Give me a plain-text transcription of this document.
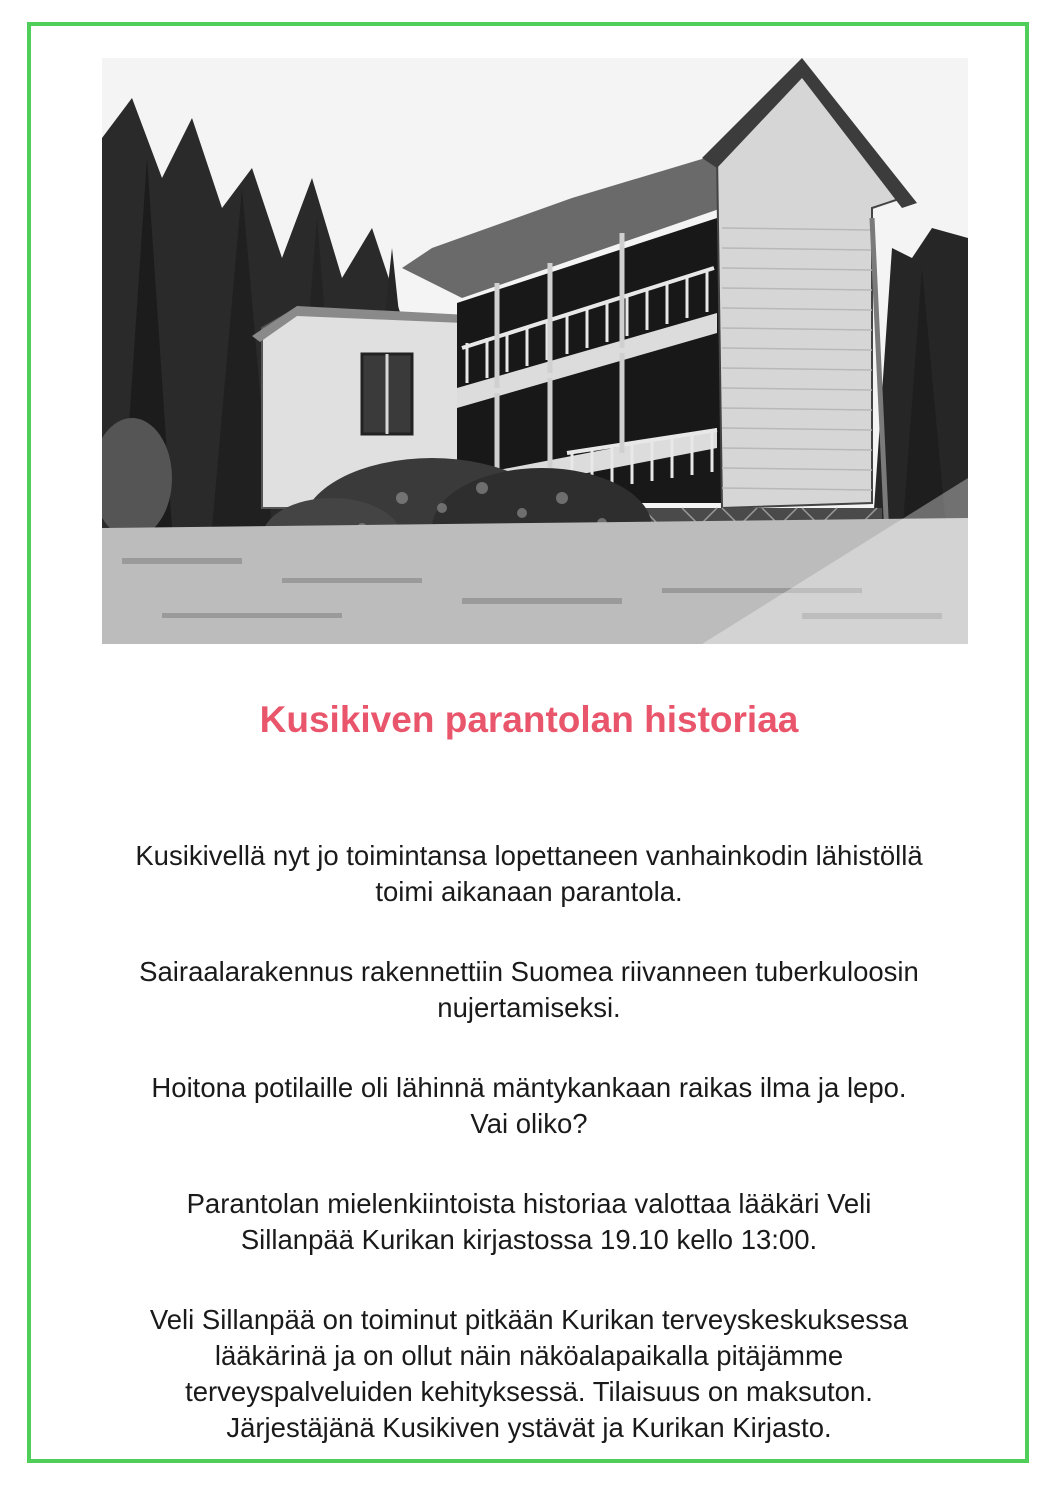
Kusikiven parantolan historiaa

Kusikivellä nyt jo toimintansa lopettaneen vanhainkodin lähistöllä
toimi aikanaan parantola.

Sairaalarakennus rakennettiin Suomea riivanneen tuberkuloosin
nujertamiseksi.

Hoitona potilaille oli lähinnä mäntykankaan raikas ilma ja lepo.
Vai oliko?

Parantolan mielenkiintoista historiaa valottaa lääkäri Veli
Sillanpää Kurikan kirjastossa 19.10 kello 13:00.

Veli Sillanpää on toiminut pitkään Kurikan terveyskeskuksessa
lääkärinä ja on ollut näin näköalapaikalla pitäjämme
terveyspalveluiden kehityksessä. Tilaisuus on maksuton.
Järjestäjänä Kusikiven ystävät ja Kurikan Kirjasto.
